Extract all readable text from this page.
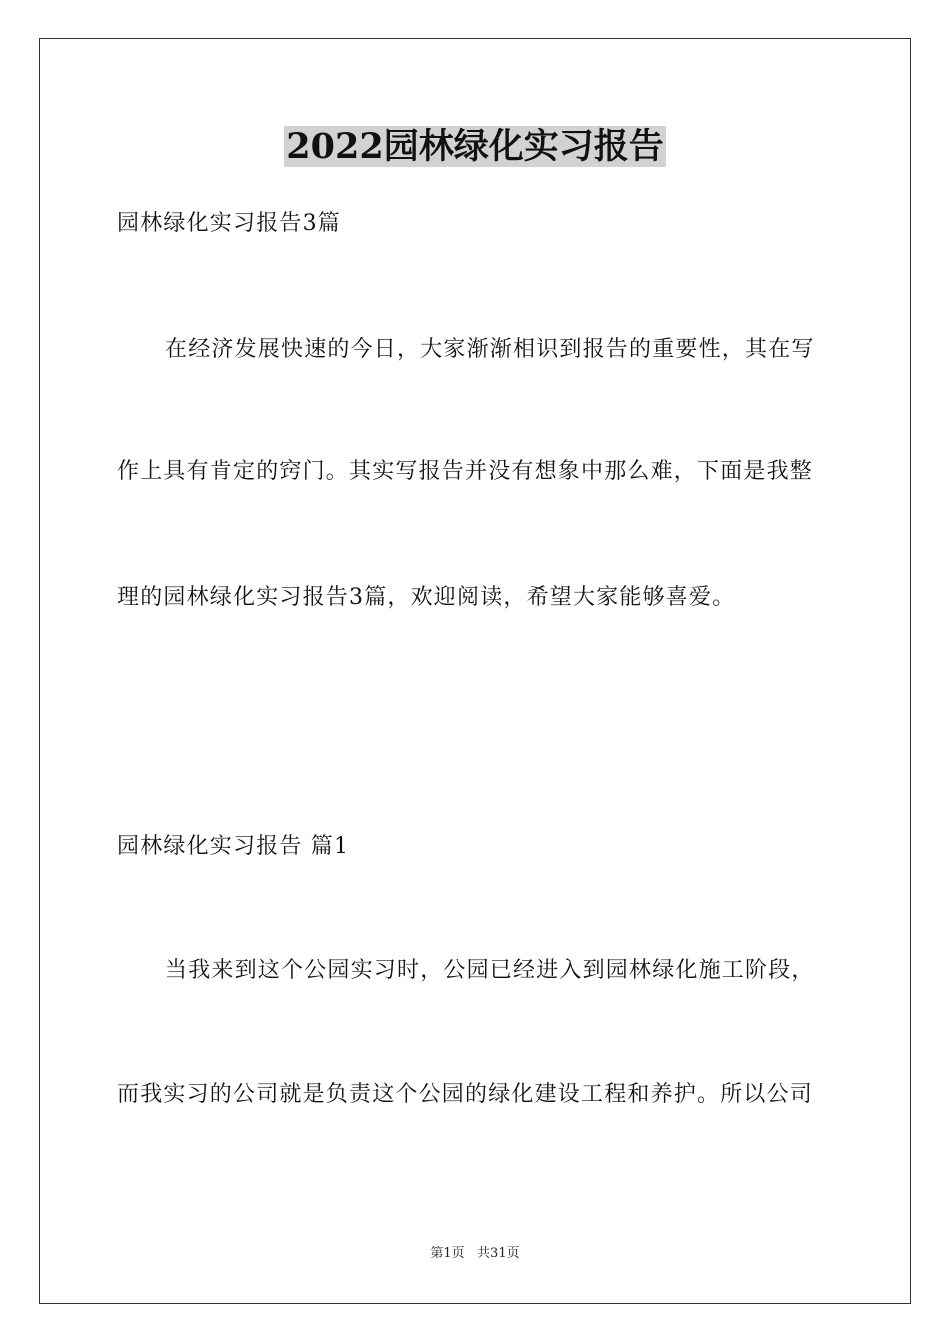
2022园林绿化实习报告
园林绿化实习报告3篇
在经济发展快速的今日，大家渐渐相识到报告的重要性，其在写
作上具有肯定的窍门。其实写报告并没有想象中那么难，下面是我整
理的园林绿化实习报告3篇，欢迎阅读，希望大家能够喜爱。
园林绿化实习报告 篇1
当我来到这个公园实习时，公园已经进入到园林绿化施工阶段，
而我实习的公司就是负责这个公园的绿化建设工程和养护。所以公司
第1页   共31页
